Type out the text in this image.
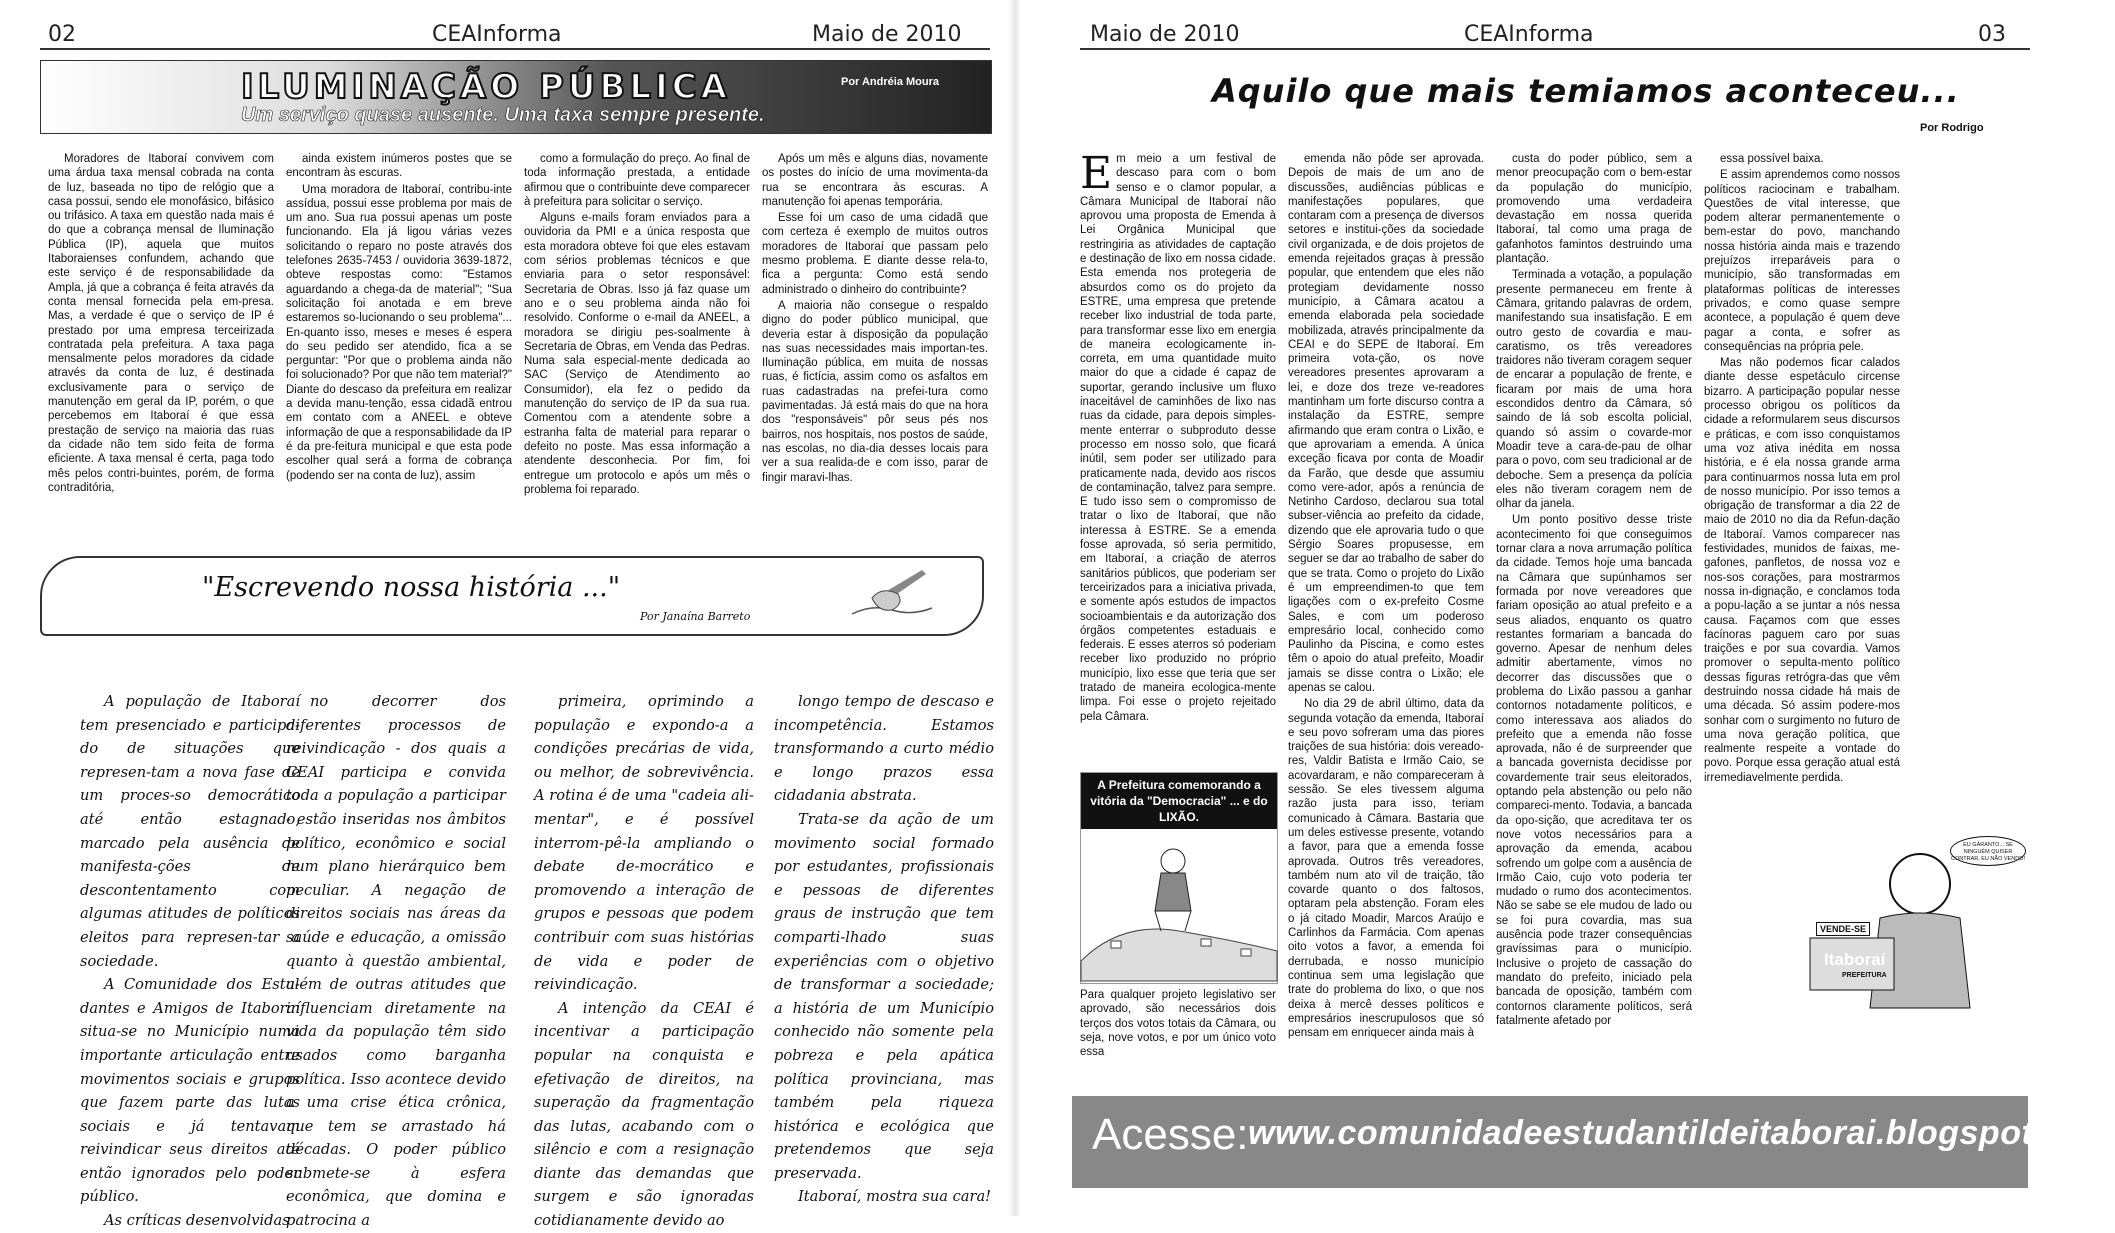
02	CEAInforma	Maio de 2010
ILUMINAÇÃO PÚBLICA	Por Andréia Moura
Um serviço quase ausente. Uma taxa sempre presente.

Moradores de Itaboraí convivem com uma árdua taxa mensal cobrada na conta de luz, baseada no tipo de relógio que a casa possui, sendo ele monofásico, bifásico ou trifásico. A taxa em questão nada mais é do que a cobrança mensal de Iluminação Pública (IP), aquela que muitos Itaboraienses confundem, achando que este serviço é de responsabilidade da Ampla, já que a cobrança é feita através da conta mensal fornecida pela em-presa. Mas, a verdade é que o serviço de IP é prestado por uma empresa terceirizada contratada pela prefeitura. A taxa paga mensalmente pelos moradores da cidade através da conta de luz, é destinada exclusivamente para o serviço de manutenção em geral da IP, porém, o que percebemos em Itaboraí é que essa prestação de serviço na maioria das ruas da cidade não tem sido feita de forma eficiente. A taxa mensal é certa, paga todo mês pelos contri-buintes, porém, de forma contraditória,

ainda existem inúmeros postes que se encontram às escuras.

Uma moradora de Itaboraí, contribu-inte assídua, possui esse problema por mais de um ano. Sua rua possui apenas um poste funcionando. Ela já ligou várias vezes solicitando o reparo no poste através dos telefones 2635-7453 / ouvidoria 3639-1872, obteve respostas como: "Estamos aguardando a chega-da de material"; "Sua solicitação foi anotada e em breve estaremos so-lucionando o seu problema"... En-quanto isso, meses e meses é espera do seu pedido ser atendido, fica a se perguntar: "Por que o problema ainda não foi solucionado? Por que não tem material?" Diante do descaso da prefeitura em realizar a devida manu-tenção, essa cidadã entrou em contato com a ANEEL e obteve informação de que a responsabilidade da IP é da pre-feitura municipal e que esta pode escolher qual será a forma de cobrança (podendo ser na conta de luz), assim

como a formulação do preço. Ao final de toda informação prestada, a entidade afirmou que o contribuinte deve comparecer à prefeitura para solicitar o serviço.

Alguns e-mails foram enviados para a ouvidoria da PMI e a única resposta que esta moradora obteve foi que eles estavam com sérios problemas técnicos e que enviaria para o setor responsável: Secretaria de Obras. Isso já faz quase um ano e o seu problema ainda não foi resolvido. Conforme o e-mail da ANEEL, a moradora se dirigiu pes-soalmente à Secretaria de Obras, em Venda das Pedras. Numa sala especial-mente dedicada ao SAC (Serviço de Atendimento ao Consumidor), ela fez o pedido da manutenção do serviço de IP da sua rua. Comentou com a atendente sobre a estranha falta de material para reparar o defeito no poste. Mas essa informação a atendente desconhecia. Por fim, foi entregue um protocolo e após um mês o problema foi reparado.

Após um mês e alguns dias, novamente os postes do início de uma movimenta-da rua se encontrara às escuras. A manutenção foi apenas temporária.

Esse foi um caso de uma cidadã que com certeza é exemplo de muitos outros moradores de Itaboraí que passam pelo mesmo problema. E diante desse rela-to, fica a pergunta: Como está sendo administrado o dinheiro do contribuinte?

A maioria não consegue o respaldo digno do poder público municipal, que deveria estar à disposição da população nas suas necessidades mais importan-tes. Iluminação pública, em muita de nossas ruas, é fictícia, assim como os asfaltos em ruas cadastradas na prefei-tura como pavimentadas. Já está mais do que na hora dos "responsáveis" pôr seus pés nos bairros, nos hospitais, nos postos de saúde, nas escolas, no dia-dia desses locais para ver a sua realida-de e com isso, parar de fingir maravi-lhas.

"Escrevendo nossa história ..."
Por Janaína Barreto

A população de Itaboraí tem presenciado e participa-do de situações que represen-tam a nova fase de um proces-so democrático até então estagnado, marcado pela ausência de manifesta-ções de descontentamento com algumas atitudes de políticos eleitos para represen-tar a sociedade.

A Comunidade dos Estu-dantes e Amigos de Itaboraí situa-se no Município numa importante articulação entre movimentos sociais e grupos que fazem parte das lutas sociais e já tentavam reivindicar seus direitos até então ignorados pelo poder público.

As críticas desenvolvidas

no decorrer dos diferentes processos de reivindicação - dos quais a CEAI participa e convida toda a população a participar - estão inseridas nos âmbitos político, econômico e social num plano hierárquico bem peculiar. A negação de direitos sociais nas áreas da saúde e educação, a omissão quanto à questão ambiental, além de outras atitudes que influenciam diretamente na vida da população têm sido usados como barganha política. Isso acontece devido a uma crise ética crônica, que tem se arrastado há décadas. O poder público submete-se à esfera econômica, que domina e patrocina a

primeira, oprimindo a população e expondo-a a condições precárias de vida, ou melhor, de sobrevivência. A rotina é de uma "cadeia ali-mentar", e é possível interrom-pê-la ampliando o debate de-mocrático e promovendo a interação de grupos e pessoas que podem contribuir com suas histórias de vida e poder de reivindicação.

A intenção da CEAI é incentivar a participação popular na conquista e efetivação de direitos, na superação da fragmentação das lutas, acabando com o silêncio e com a resignação diante das demandas que surgem e são ignoradas cotidianamente devido ao

longo tempo de descaso e incompetência. Estamos transformando a curto médio e longo prazos essa cidadania abstrata.

Trata-se da ação de um movimento social formado por estudantes, profissionais e pessoas de diferentes graus de instrução que tem comparti-lhado suas experiências com o objetivo de transformar a sociedade; a história de um Município conhecido não somente pela pobreza e pela apática política provinciana, mas também pela riqueza histórica e ecológica que pretendemos que seja preservada.

Itaboraí, mostra sua cara!

Maio de 2010	CEAInforma	03
Aquilo que mais temiamos aconteceu...
Por Rodrigo
E m meio a um festival de descaso para com o bom senso e o clamor popular, a Câmara Municipal de Itaboraí não aprovou uma proposta de Emenda à Lei Orgânica Municipal que restringiria as atividades de captação e destinação de lixo em nossa cidade. Esta emenda nos protegeria de absurdos como os do projeto da ESTRE, uma empresa que pretende receber lixo industrial de toda parte, para transformar esse lixo em energia de maneira ecologicamente in-correta, em uma quantidade muito maior do que a cidade é capaz de suportar, gerando inclusive um fluxo inaceitável de caminhões de lixo nas ruas da cidade, para depois simples-mente enterrar o subproduto desse processo em nosso solo, que ficará inútil, sem poder ser utilizado para praticamente nada, devido aos riscos de contaminação, talvez para sempre. E tudo isso sem o compromisso de tratar o lixo de Itaboraí, que não interessa à ESTRE. Se a emenda fosse aprovada, só seria permitido, em Itaboraí, a criação de aterros sanitários públicos, que poderiam ser terceirizados para a iniciativa privada, e somente após estudos de impactos socioambientais e da autorização dos órgãos competentes estaduais e federais. E esses aterros só poderiam receber lixo produzido no próprio município, lixo esse que teria que ser tratado de maneira ecologica-mente limpa. Foi esse o projeto rejeitado pela Câmara.

emenda não pôde ser aprovada. Depois de mais de um ano de discussões, audiências públicas e manifestações populares, que contaram com a presença de diversos setores e institui-ções da sociedade civil organizada, e de dois projetos de emenda rejeitados graças à pressão popular, que entendem que eles não protegiam devidamente nosso município, a Câmara acatou a emenda elaborada pela sociedade mobilizada, através principalmente da CEAI e do SEPE de Itaboraí. Em primeira vota-ção, os nove vereadores presentes aprovaram a lei, e doze dos treze ve-readores mantinham um forte discurso contra a instalação da ESTRE, sempre afirmando que eram contra o Lixão, e que aprovariam a emenda. A única exceção ficava por conta de Moadir da Farão, que desde que assumiu como vere-ador, após a renúncia de Netinho Cardoso, declarou sua total subser-viência ao prefeito da cidade, dizendo que ele aprovaria tudo o que Sérgio Soares propusesse, em seguer se dar ao trabalho de saber do que se trata. Como o projeto do Lixão é um empreendimen-to que tem ligações com o ex-prefeito Cosme Sales, e com um poderoso empresário local, conhecido como Paulinho da Piscina, e como estes têm o apoio do atual prefeito, Moadir jamais se disse contra o Lixão; ele apenas se calou.

No dia 29 de abril último, data da segunda votação da emenda, Itaboraí e seu povo sofreram uma das piores traições de sua história: dois vereado-res, Valdir Batista e Irmão Caio, se acovardaram, e não compareceram à sessão. Se eles tivessem alguma razão justa para isso, teriam comunicado à Câmara. Bastaria que um deles estivesse presente, votando a favor, para que a emenda fosse aprovada. Outros três vereadores, também num ato vil de traição, tão covarde quanto o dos faltosos, optaram pela abstenção. Foram eles o já citado Moadir, Marcos Araújo e Carlinhos da Farmácia. Com apenas oito votos a favor, a emenda foi derrubada, e nosso município continua sem uma legislação que trate do problema do lixo, o que nos deixa à mercê desses políticos e empresários inescrupulosos que só pensam em enriquecer ainda mais à

custa do poder público, sem a menor preocupação com o bem-estar da população do município, promovendo uma verdadeira devastação em nossa querida Itaboraí, tal como uma praga de gafanhotos famintos destruindo uma plantação.

Terminada a votação, a população presente permaneceu em frente à Câmara, gritando palavras de ordem, manifestando sua insatisfação. E em outro gesto de covardia e mau-caratismo, os três vereadores traidores não tiveram coragem sequer de encarar a população de frente, e ficaram por mais de uma hora escondidos dentro da Câmara, só saindo de lá sob escolta policial, quando só assim o covarde-mor Moadir teve a cara-de-pau de olhar para o povo, com seu tradicional ar de deboche. Sem a presença da polícia eles não tiveram coragem nem de olhar da janela.

Um ponto positivo desse triste acontecimento foi que conseguimos tornar clara a nova arrumação política da cidade. Temos hoje uma bancada na Câmara que supúnhamos ser formada por nove vereadores que fariam oposição ao atual prefeito e a seus aliados, enquanto os quatro restantes formariam a bancada do governo. Apesar de nenhum deles admitir abertamente, vimos no decorrer das discussões que o problema do Lixão passou a ganhar contornos notadamente políticos, e como interessava aos aliados do prefeito que a emenda não fosse aprovada, não é de surpreender que a bancada governista decidisse por covardemente trair seus eleitorados, optando pela abstenção ou pelo não compareci-mento. Todavia, a bancada da opo-sição, que acreditava ter os nove votos necessários para a aprovação da emenda, acabou sofrendo um golpe com a ausência de Irmão Caio, cujo voto poderia ter mudado o rumo dos acontecimentos. Não se sabe se ele mudou de lado ou se foi pura covardia, mas sua ausência pode trazer consequências gravíssimas para o município. Inclusive o projeto de cassação do mandato do prefeito, iniciado pela bancada de oposição, também com contornos claramente políticos, será fatalmente afetado por

essa possível baixa.

E assim aprendemos como nossos políticos raciocinam e trabalham. Questões de vital interesse, que podem alterar permanentemente o bem-estar do povo, manchando nossa história ainda mais e trazendo prejuízos irreparáveis para o município, são transformadas em plataformas políticas de interesses privados, e como quase sempre acontece, a população é quem deve pagar a conta, e sofrer as consequências na própria pele.

Mas não podemos ficar calados diante desse espetáculo circense bizarro. A participação popular nesse processo obrigou os políticos da cidade a reformularem seus discursos e práticas, e com isso conquistamos uma voz ativa inédita em nossa história, e é ela nossa grande arma para continuarmos nossa luta em prol de nosso município. Por isso temos a obrigação de transformar a dia 22 de maio de 2010 no dia da Refun-dação de Itaboraí. Vamos comparecer nas festividades, munidos de faixas, me-gafones, panfletos, de nossa voz e nos-sos corações, para mostrarmos nossa in-dignação, e conclamos toda a popu-lação a se juntar a nós nessa causa. Façamos com que esses facínoras paguem caro por suas traições e por sua covardia. Vamos promover o sepulta-mento político dessas figuras retrógra-das que vêm destruindo nossa cidade há mais de uma década. Só assim podere-mos sonhar com o surgimento no futuro de uma nova geração política, que realmente respeite a vontade do povo. Porque essa geração atual está irremediavelmente perdida.

A Prefeitura comemorando a vitória da "Democracia" ... e do LIXÃO.
Para qualquer projeto legislativo ser aprovado, são necessários dois terços dos votos totais da Câmara, ou seja, nove votos, e por um único voto essa
EU GARANTO... SE NINGUÉM QUISER CONTRAR, EU NÃO VENDO!
VENDE-SE
Itaboraí
PREFEITURA
Acesse: www.comunidadeestudantildeitaborai.blogspot.com
